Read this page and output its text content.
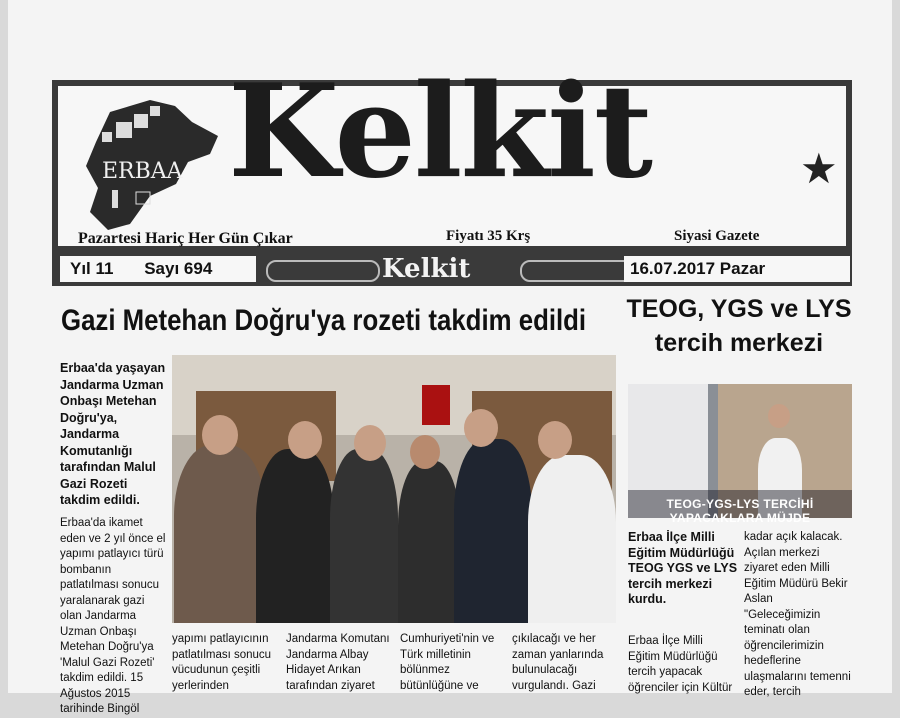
ERBAA Kelkit	★
Pazartesi Hariç Her Gün Çıkar	Fiyatı 35 Krş	Siyasi Gazete
Yıl 11 Sayı 694	Kelkit	16.07.2017 Pazar
Gazi Metehan Doğru'ya rozeti takdim edildi
Erbaa'da yaşayan Jandarma Uzman Onbaşı Metehan Doğru'ya, Jandarma Komutanlığı tarafından Malul Gazi Rozeti takdim edildi.
Erbaa'da ikamet eden ve 2 yıl önce el yapımı patlayıcı türü bombanın patlatılması sonucu yaralanarak gazi olan Jandarma Uzman Onbaşı Metehan Doğru'ya 'Malul Gazi Rozeti' takdim edildi. 15 Ağustos 2015 tarihinde Bingöl
yapımı patlayıcının patlatılması sonucu vücudunun çeşitli yerlerinden
Jandarma Komutanı Jandarma Albay Hidayet Arıkan tarafından ziyaret
Cumhuriyeti'nin ve Türk milletinin bölünmez bütünlüğüne ve
çıkılacağı ve her zaman yanlarında bulunulacağı vurgulandı. Gazi
TEOG, YGS ve LYS tercih merkezi
TEOG-YGS-LYS TERCİHİ
YAPACAKLARA MÜJDE
Erbaa İlçe Milli Eğitim Müdürlüğü TEOG YGS ve LYS tercih merkezi kurdu.
Erbaa İlçe Milli Eğitim Müdürlüğü tercih yapacak öğrenciler için Kültür
kadar açık kalacak. Açılan merkezi ziyaret eden Milli Eğitim Müdürü Bekir Aslan "Geleceğimizin teminatı olan öğrencilerimizin hedeflerine ulaşmalarını temenni eder, tercih
